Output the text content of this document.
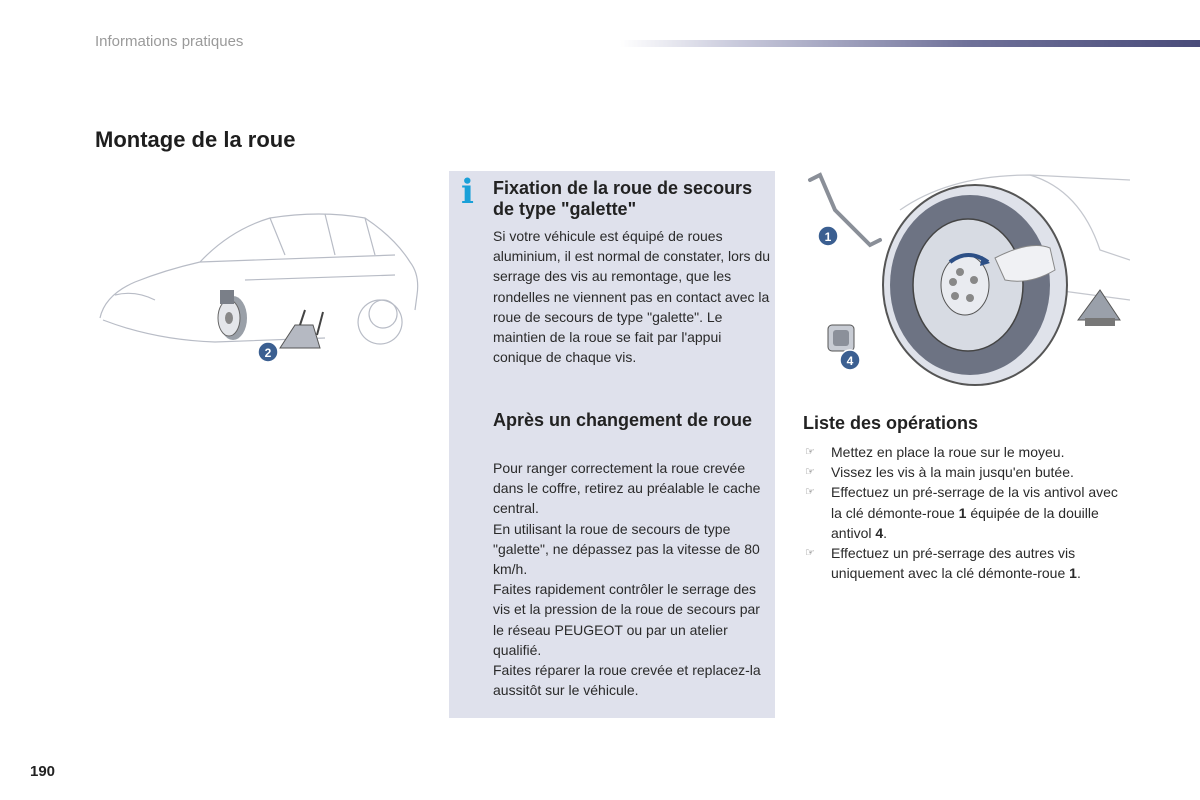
Informations pratiques
Montage de la roue
2
i Fixation de la roue de secours de type "galette"

Si votre véhicule est équipé de roues aluminium, il est normal de constater, lors du serrage des vis au remontage, que les rondelles ne viennent pas en contact avec la roue de secours de type "galette". Le maintien de la roue se fait par l'appui conique de chaque vis.

Après un changement de roue
Pour ranger correctement la roue crevée dans le coffre, retirez au préalable le cache central.
En utilisant la roue de secours de type "galette", ne dépassez pas la vitesse de 80 km/h.
Faites rapidement contrôler le serrage des vis et la pression de la roue de secours par le réseau PEUGEOT ou par un atelier qualifié.
Faites réparer la roue crevée et replacez-la aussitôt sur le véhicule.
1
4
Liste des opérations
☞ Mettez en place la roue sur le moyeu.
☞ Vissez les vis à la main jusqu'en butée.
☞ Effectuez un pré-serrage de la vis antivol avec la clé démonte-roue 1 équipée de la douille antivol 4.
☞ Effectuez un pré-serrage des autres vis uniquement avec la clé démonte-roue 1.
190
